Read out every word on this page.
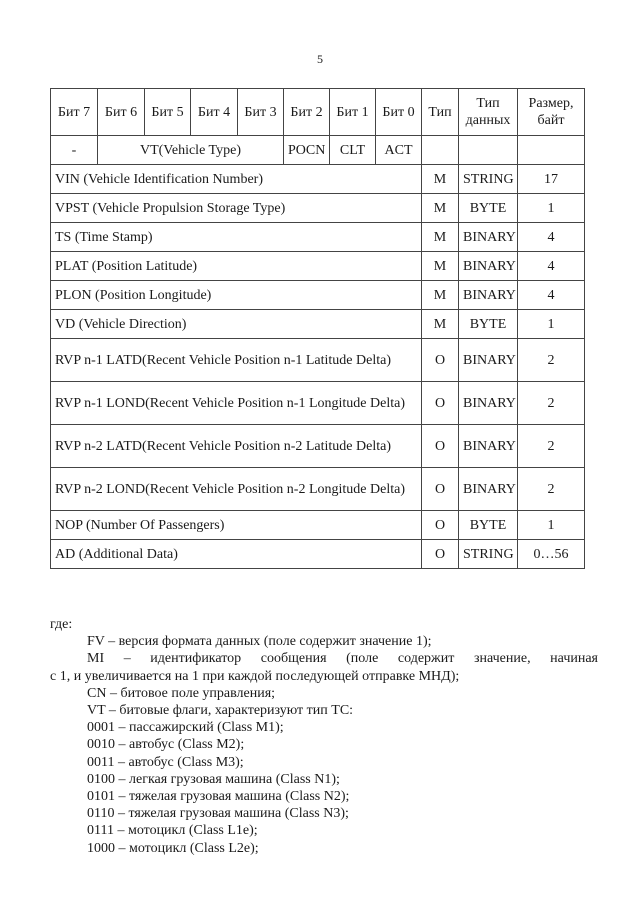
5
Бит 7	Бит 6	Бит 5	Бит 4	Бит 3	Бит 2	Бит 1	Бит 0	Тип	Тип данных	Размер, байт
-	VT(Vehicle Type)				POCN	CLT	ACT			
VIN (Vehicle Identification Number)								M	STRING	17
VPST (Vehicle Propulsion Storage Type)								M	BYTE	1
TS (Time Stamp)								M	BINARY	4
PLAT (Position Latitude)								M	BINARY	4
PLON (Position Longitude)								M	BINARY	4
VD (Vehicle Direction)								M	BYTE	1
RVP n-1 LATD(Recent Vehicle Position n-1 Latitude Delta)								O	BINARY	2
RVP n-1 LOND(Recent Vehicle Position n-1 Longitude Delta)								O	BINARY	2
RVP n-2 LATD(Recent Vehicle Position n-2 Latitude Delta)								O	BINARY	2
RVP n-2 LOND(Recent Vehicle Position n-2 Longitude Delta)								O	BINARY	2
NOP (Number Of Passengers)								O	BYTE	1
AD (Additional Data)								O	STRING	0…56

где:

FV – версия формата данных (поле содержит значение 1);

MI – идентификатор сообщения (поле содержит значение, начиная

с 1, и увеличивается на 1 при каждой последующей отправке МНД);

CN – битовое поле управления;

VT – битовые флаги, характеризуют тип ТС:

0001 – пассажирский (Class M1);

0010 – автобус (Class M2);

0011 – автобус (Class M3);

0100 – легкая грузовая машина (Class N1);

0101 – тяжелая грузовая машина (Class N2);

0110 – тяжелая грузовая машина (Class N3);

0111 – мотоцикл (Class L1e);

1000 – мотоцикл (Class L2e);
